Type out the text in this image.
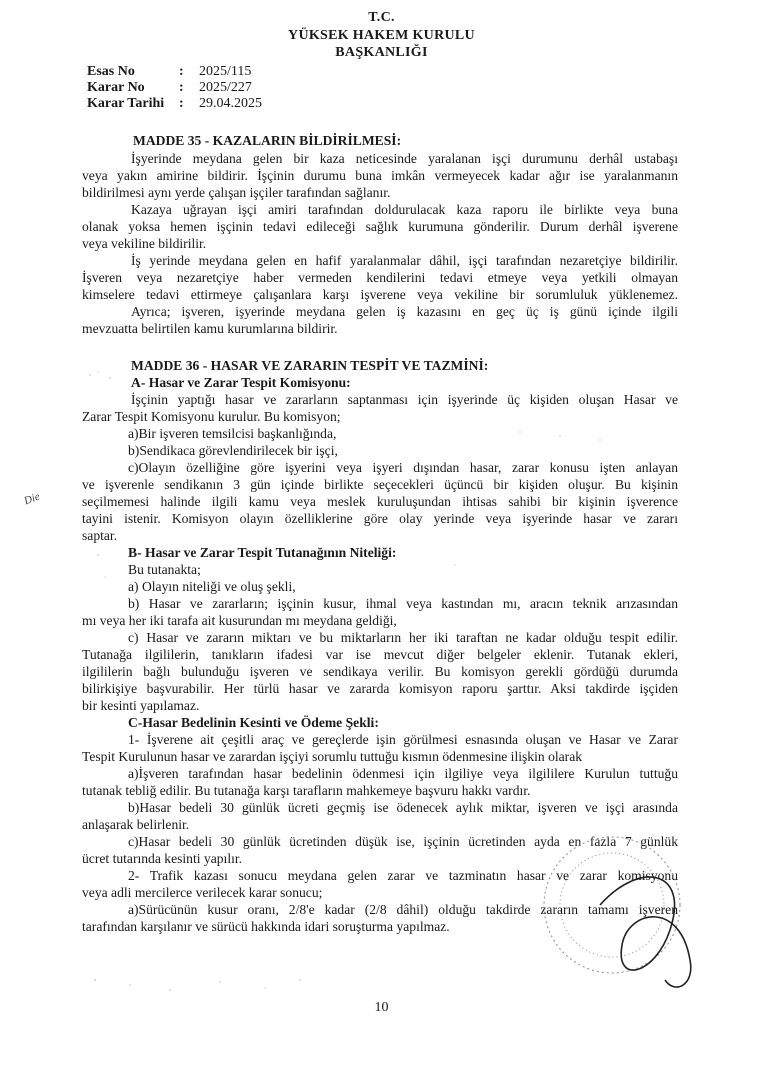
T.C.
YÜKSEK HAKEM KURULU
BAŞKANLIĞI
Esas No	: 2025/115
Karar No : 2025/227
Karar Tarihi : 29.04.2025
MADDE 35 - KAZALARIN BİLDİRİLMESİ:
İşyerinde meydana gelen bir kaza neticesinde yaralanan işçi durumunu derhâl ustabaşı
veya yakın amirine bildirir. İşçinin durumu buna imkân vermeyecek kadar ağır ise yaralanmanın
bildirilmesi aynı yerde çalışan işçiler tarafından sağlanır.
Kazaya uğrayan işçi amiri tarafından doldurulacak kaza raporu ile birlikte veya buna
olanak yoksa hemen işçinin tedavi edileceği sağlık kurumuna gönderilir. Durum derhâl işverene
veya vekiline bildirilir.
İş yerinde meydana gelen en hafif yaralanmalar dâhil, işçi tarafından nezaretçiye bildirilir.
İşveren veya nezaretçiye haber vermeden kendilerini tedavi etmeye veya yetkili olmayan
kimselere tedavi ettirmeye çalışanlara karşı işverene veya vekiline bir sorumluluk yüklenemez.
Ayrıca; işveren, işyerinde meydana gelen iş kazasını en geç üç iş günü içinde ilgili
mevzuatta belirtilen kamu kurumlarına bildirir.
MADDE 36 - HASAR VE ZARARIN TESPİT VE TAZMİNİ:
A- Hasar ve Zarar Tespit Komisyonu:
İşçinin yaptığı hasar ve zararların saptanması için işyerinde üç kişiden oluşan Hasar ve
Zarar Tespit Komisyonu kurulur. Bu komisyon;
a)Bir işveren temsilcisi başkanlığında,
b)Sendikaca görevlendirilecek bir işçi,
c)Olayın özelliğine göre işyerini veya işyeri dışından hasar, zarar konusu işten anlayan
ve işverenle sendikanın 3 gün içinde birlikte seçecekleri üçüncü bir kişiden oluşur. Bu kişinin
seçilmemesi halinde ilgili kamu veya meslek kuruluşundan ihtisas sahibi bir kişinin işverence
tayini istenir. Komisyon olayın özelliklerine göre olay yerinde veya işyerinde hasar ve zararı
saptar.
B- Hasar ve Zarar Tespit Tutanağının Niteliği:
Bu tutanakta;
a) Olayın niteliği ve oluş şekli,
b) Hasar ve zararların; işçinin kusur, ihmal veya kastından mı, aracın teknik arızasından
mı veya her iki tarafa ait kusurundan mı meydana geldiği,
c) Hasar ve zararın miktarı ve bu miktarların her iki taraftan ne kadar olduğu tespit edilir.
Tutanağa ilgililerin, tanıkların ifadesi var ise mevcut diğer belgeler eklenir. Tutanak ekleri,
ilgililerin bağlı bulunduğu işveren ve sendikaya verilir. Bu komisyon gerekli gördüğü durumda
bilirkişiye başvurabilir. Her türlü hasar ve zararda komisyon raporu şarttır. Aksi takdirde işçiden
bir kesinti yapılamaz.
C-Hasar Bedelinin Kesinti ve Ödeme Şekli:
1- İşverene ait çeşitli araç ve gereçlerde işin görülmesi esnasında oluşan ve Hasar ve Zarar
Tespit Kurulunun hasar ve zarardan işçiyi sorumlu tuttuğu kısmın ödenmesine ilişkin olarak
a)İşveren tarafından hasar bedelinin ödenmesi için ilgiliye veya ilgililere Kurulun tuttuğu
tutanak tebliğ edilir. Bu tutanağa karşı tarafların mahkemeye başvuru hakkı vardır.
b)Hasar bedeli 30 günlük ücreti geçmiş ise ödenecek aylık miktar, işveren ve işçi arasında
anlaşarak belirlenir.
c)Hasar bedeli 30 günlük ücretinden düşük ise, işçinin ücretinden ayda en fazla 7 günlük
ücret tutarında kesinti yapılır.
2- Trafik kazası sonucu meydana gelen zarar ve tazminatın hasar ve zarar komisyonu
veya adli mercilerce verilecek karar sonucu;
a)Sürücünün kusur oranı, 2/8'e kadar (2/8 dâhil) olduğu takdirde zararın tamamı işveren
tarafından karşılanır ve sürücü hakkında idari soruşturma yapılmaz.
Die
10
